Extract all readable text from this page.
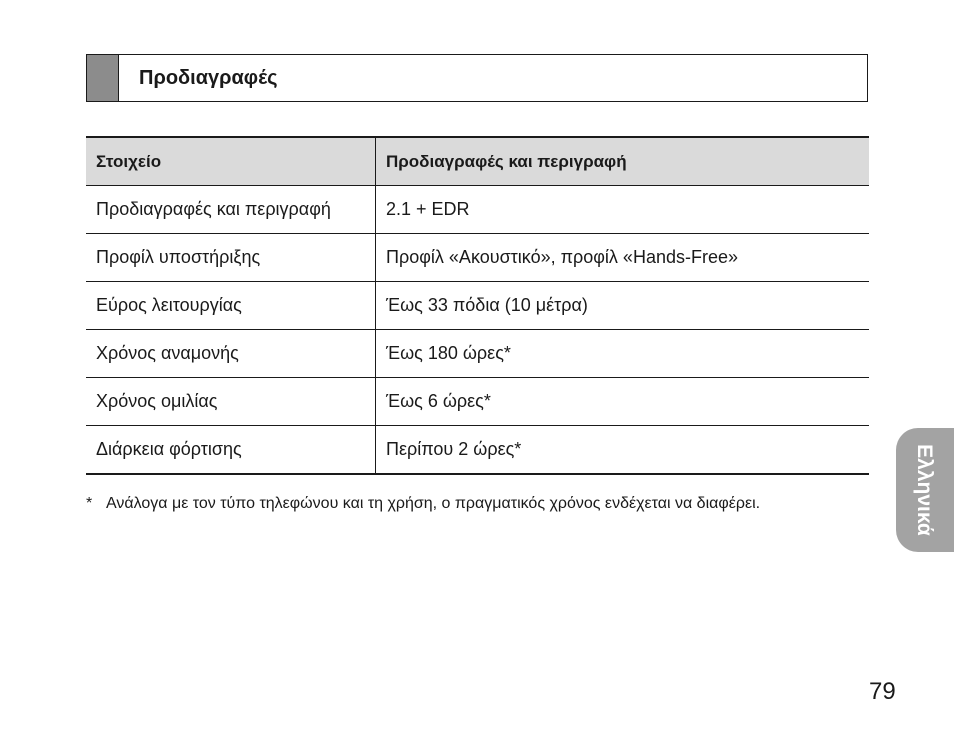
Προδιαγραφές
Στοιχείο	Προδιαγραφές και περιγραφή
Προδιαγραφές και περιγραφή	2.1 + EDR
Προφίλ υποστήριξης	Προφίλ «Ακουστικό», προφίλ «Hands-Free»
Εύρος λειτουργίας	Έως 33 πόδια (10 μέτρα)
Χρόνος αναμονής	Έως 180 ώρες*
Χρόνος ομιλίας	Έως 6 ώρες*
Διάρκεια φόρτισης	Περίπου 2 ώρες*
* Ανάλογα με τον τύπο τηλεφώνου και τη χρήση, ο πραγματικός χρόνος ενδέχεται να διαφέρει.	Ελληνικά
79
